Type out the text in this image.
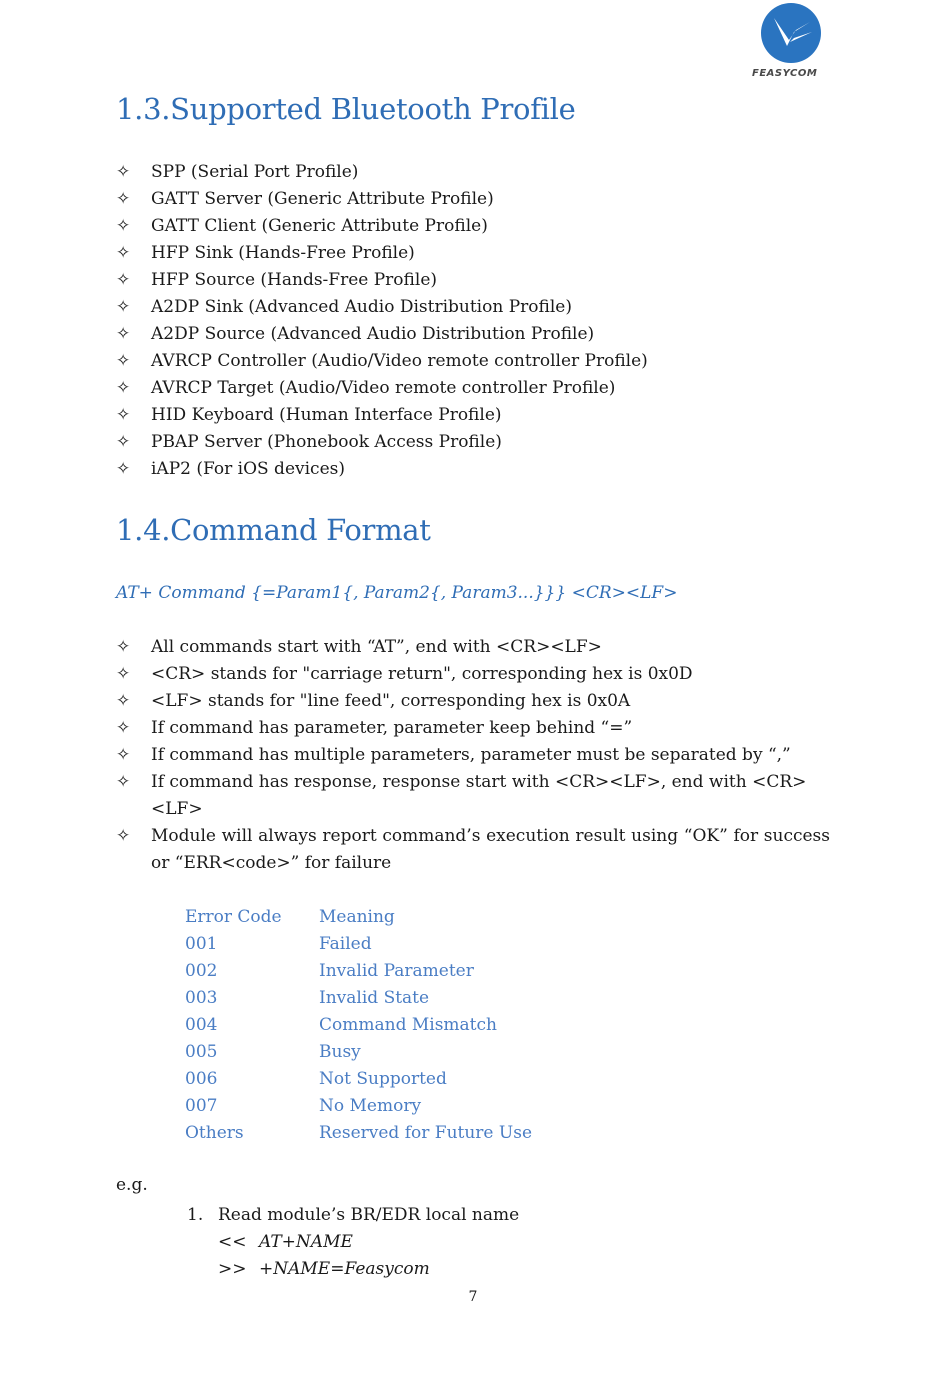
FEASYCOM
1.3.Supported Bluetooth Profile
✧ SPP (Serial Port Profile)
✧ GATT Server (Generic Attribute Profile)
✧ GATT Client (Generic Attribute Profile)
✧ HFP Sink (Hands-Free Profile)
✧ HFP Source (Hands-Free Profile)
✧ A2DP Sink (Advanced Audio Distribution Profile)
✧ A2DP Source (Advanced Audio Distribution Profile)
✧ AVRCP Controller (Audio/Video remote controller Profile)
✧ AVRCP Target (Audio/Video remote controller Profile)
✧ HID Keyboard (Human Interface Profile)
✧ PBAP Server (Phonebook Access Profile)
✧ iAP2 (For iOS devices)
1.4.Command Format
AT+ Command {=Param1{, Param2{, Param3...}}} <CR><LF>
✧ All commands start with “AT”, end with <CR><LF>
✧ <CR> stands for "carriage return", corresponding hex is 0x0D
✧ <LF> stands for "line feed", corresponding hex is 0x0A
✧ If command has parameter, parameter keep behind “=”
✧ If command has multiple parameters, parameter must be separated by “,”
✧ If command has response, response start with <CR><LF>, end with <CR><LF>
✧ Module will always report command’s execution result using “OK” for success or “ERR<code>” for failure
Error Code	Meaning
001	Failed
002	Invalid Parameter
003	Invalid State
004	Command Mismatch
005	Busy
006	Not Supported
007	No Memory
Others	Reserved for Future Use
e.g.
1. Read module’s BR/EDR local name
<< AT+NAME
>> +NAME=Feasycom
7
